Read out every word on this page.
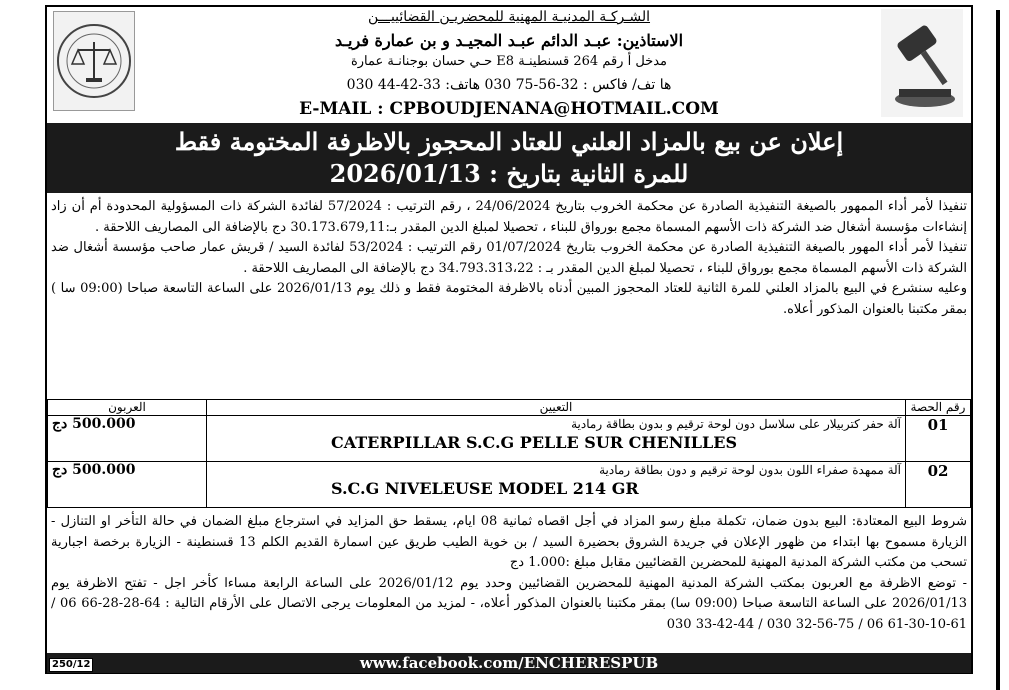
الشـركـة المدنيـة المهنية للمحضريـن القضائييـــن
الاستاذين: عبـد الدائم عبـد المجيـد و بن عمارة فريـد
مدخل أ رقم 264 قسنطينـة E8 حـي حسان بوجنانـة عمارة
ها تف/ فاكس : 32-56-75 030 هاتف: 33-42-44 030
E-MAIL : CPBOUDJENANA@HOTMAIL.COM
إعلان عن بيع بالمزاد العلني للعتاد المحجوز بالاظرفة المختومة فقط
للمرة الثانية بتاريخ : 2026/01/13

تنفيذا لأمر أداء الممهور بالصيغة التنفيذية الصادرة عن محكمة الخروب بتاريخ 24/06/2024 ، رقم الترتيب : 57/2024 لفائدة الشركة ذات المسؤولية المحدودة أم أن زاد إنشاءات مؤسسة أشغال ضد الشركة ذات الأسهم المسماة مجمع بورواق للبناء ، تحصيلا لمبلغ الدين المقدر بـ:30.173.679,11 دج بالإضافة الى المصاريف اللاحقة .

تنفيذا لأمر أداء المهور بالصيغة التنفيذية الصادرة عن محكمة الخروب بتاريخ 01/07/2024 رقم الترتيب : 53/2024 لفائدة السيد / قريش عمار صاحب مؤسسة أشغال ضد الشركة ذات الأسهم المسماة مجمع بورواق للبناء ، تحصيلا لمبلغ الدين المقدر بـ : 34.793.313،22 دج بالإضافة الى المصاريف اللاحقة .

وعليه سنشرع في البيع بالمزاد العلني للمرة الثانية للعتاد المحجوز المبين أدناه بالاظرفة المختومة فقط و ذلك يوم 2026/01/13 على الساعة التاسعة صباحا (09:00 سا ) بمقر مكتبنا بالعنوان المذكور أعلاه.

رقم الحصة	التعيين	العربون
01	آلة حفر كتربيلار على سلاسل دون لوحة ترقيم و بدون بطاقة رمادية
CATERPILLAR S.C.G PELLE SUR CHENILLES	500.000 دج
02	آلة ممهدة صفراء اللون بدون لوحة ترقيم و دون بطاقة رمادية
S.C.G NIVELEUSE MODEL 214 GR	500.000 دج

شروط البيع المعتادة: البيع بدون ضمان، تكملة مبلغ رسو المزاد في أجل اقصاه ثمانية 08 ايام، يسقط حق المزايد في استرجاع مبلغ الضمان في حالة التأخر او التنازل - الزيارة مسموح بها ابتداء من ظهور الإعلان في جريدة الشروق بحضيرة السيد / بن خوية الطيب طريق عين اسمارة القديم الكلم 13 قسنطينة - الزيارة برخصة اجبارية تسحب من مكتب الشركة المدنية المهنية للمحضرين القضائيين مقابل مبلغ :1.000 دج

- توضع الاظرفة مع العربون بمكتب الشركة المدنية المهنية للمحضرين القضائيين وحدد يوم 2026/01/12 على الساعة الرابعة مساءا كأخر اجل - تفتح الاظرفة يوم 2026/01/13 على الساعة التاسعة صباحا (09:00 سا) بمقر مكتبنا بالعنوان المذكور أعلاه، - لمزيد من المعلومات يرجى الاتصال على الأرقام التالية : 64-28-28-66 06 / 61-10-30-61 06 / 75-56-32 030 / 44-42-33 030

www.facebook.com/ENCHERESPUB
250/12
